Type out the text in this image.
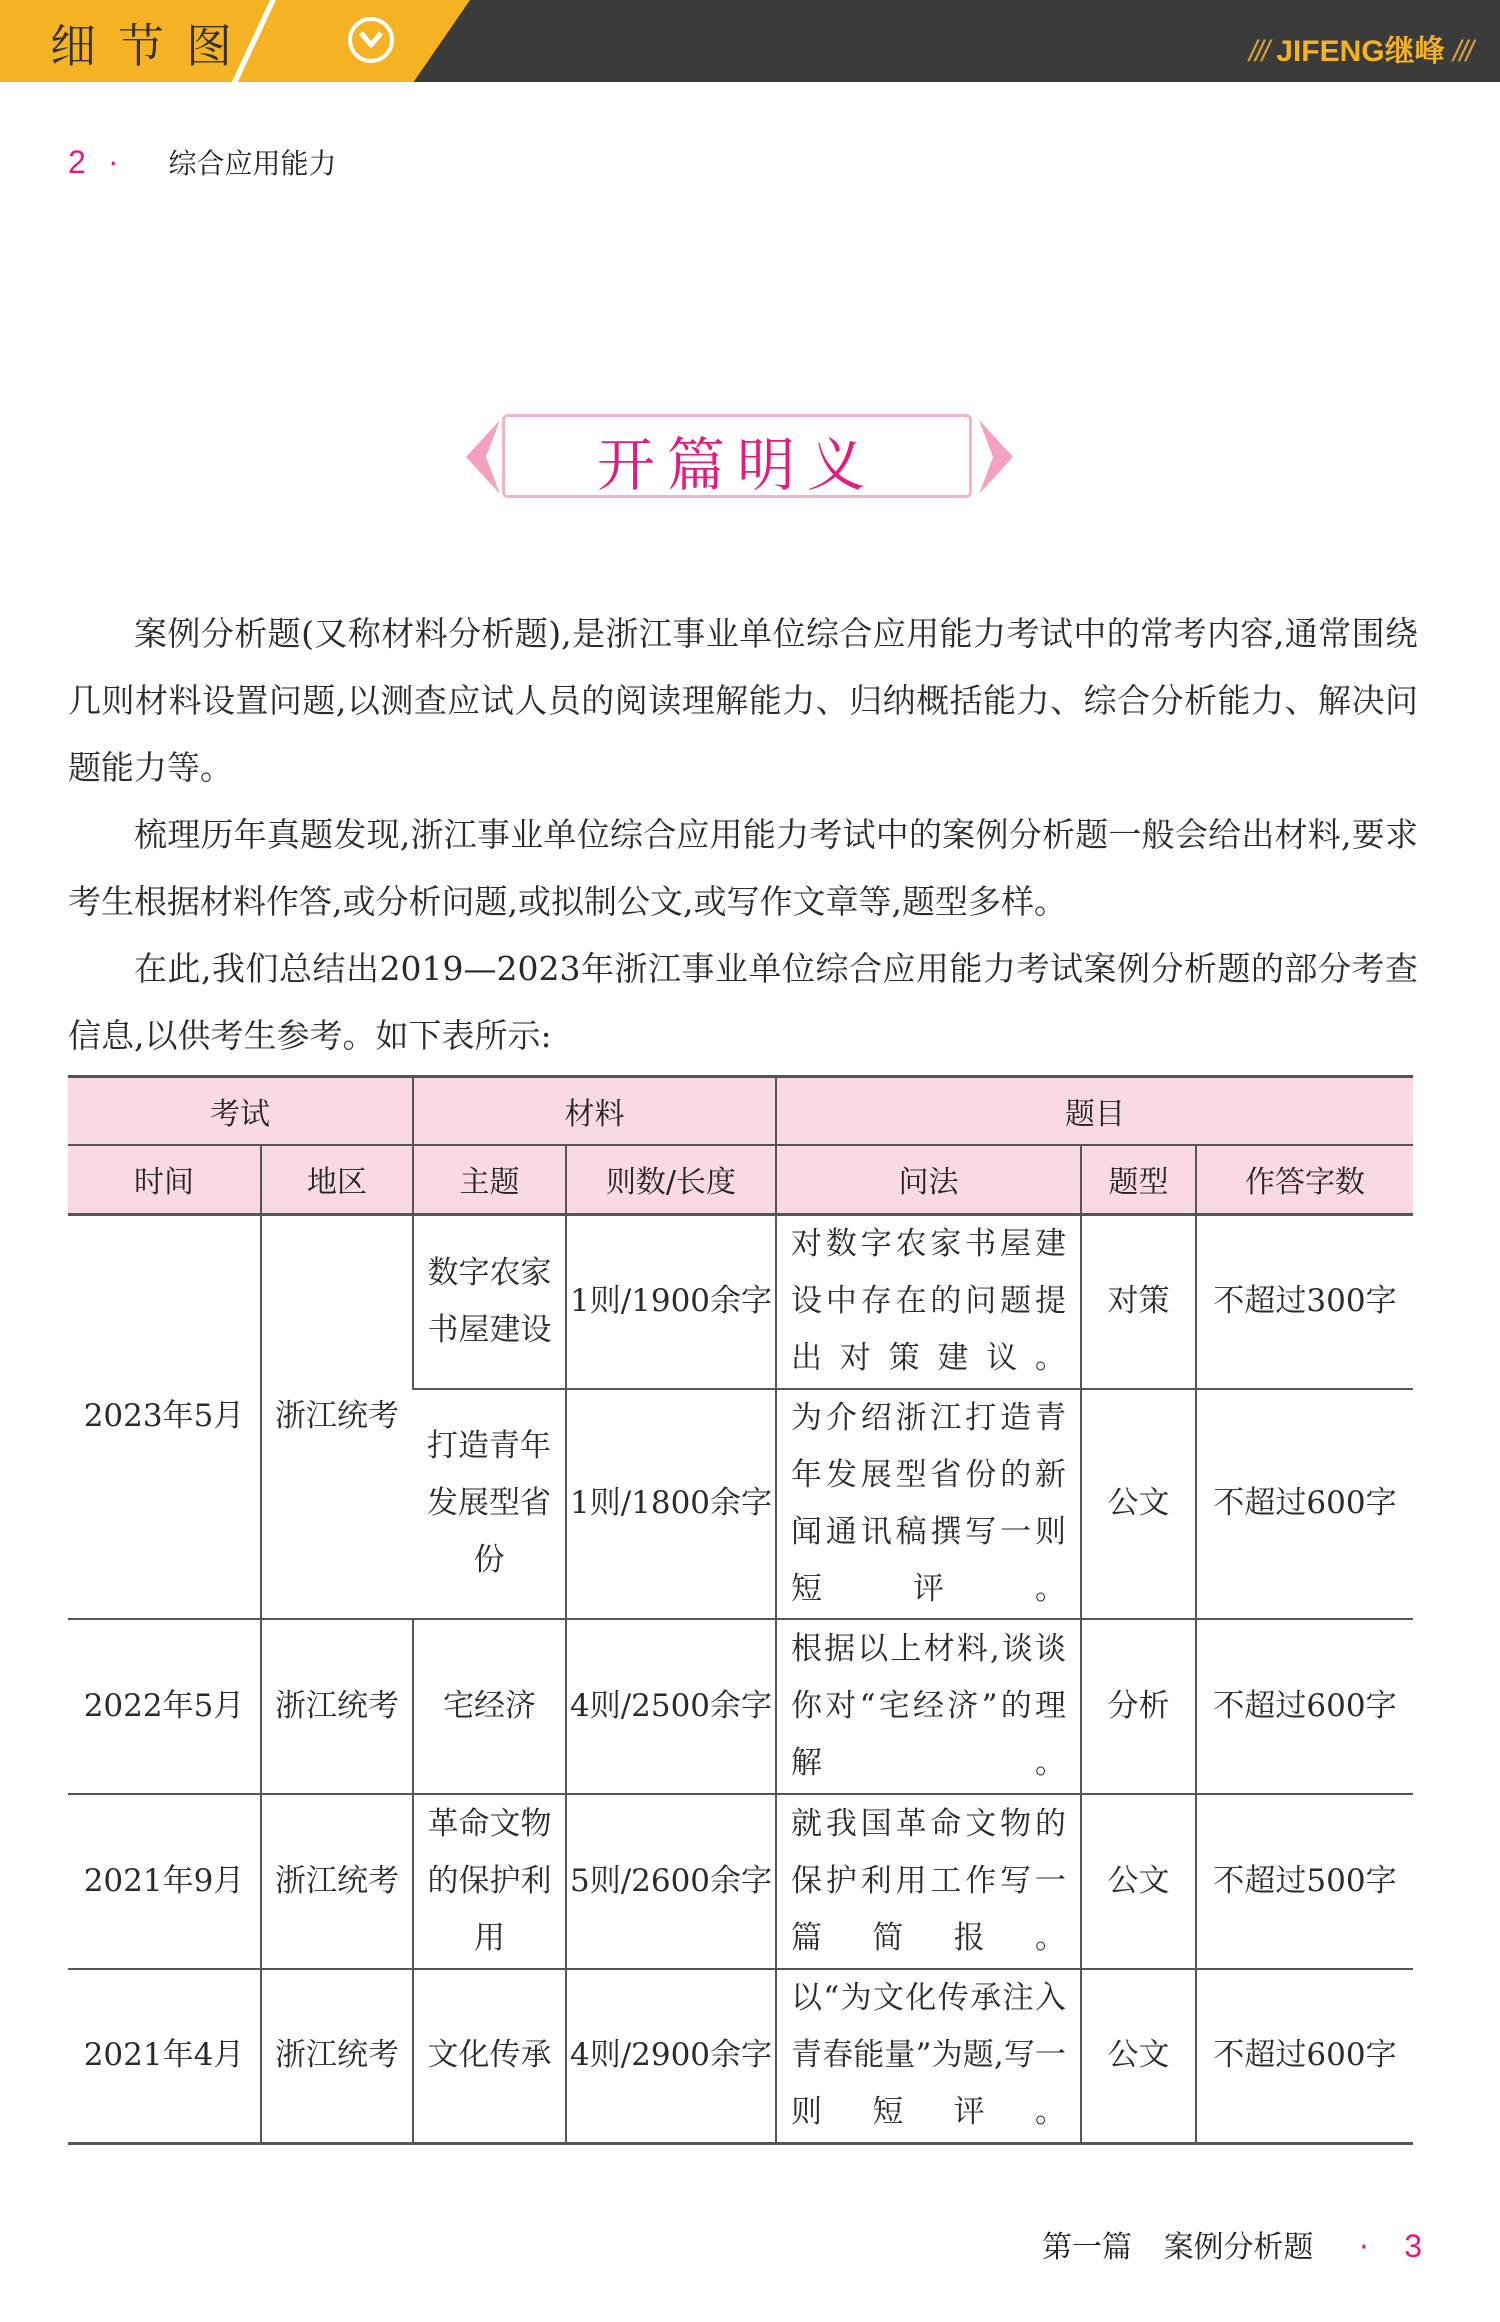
细节图	/// JIFENG继峰 ///
2 · 综合应用能力
开篇明义

案例分析题(又称材料分析题),是浙江事业单位综合应用能力考试中的常考内容,通常围绕几则材料设置问题,以测查应试人员的阅读理解能力、归纳概括能力、综合分析能力、解决问题能力等。

梳理历年真题发现,浙江事业单位综合应用能力考试中的案例分析题一般会给出材料,要求考生根据材料作答,或分析问题,或拟制公文,或写作文章等,题型多样。

在此,我们总结出2019—2023年浙江事业单位综合应用能力考试案例分析题的部分考查信息,以供考生参考。如下表所示:

考试		材料		题目		
时间	地区	主题	则数/长度	问法	题型	作答字数
2023年5月	浙江统考	数字农家书屋建设	1则/1900余字	对数字农家书屋建设中存在的问题提出对策建议。	对策	不超过300字
		打造青年发展型省份	1则/1800余字	为介绍浙江打造青年发展型省份的新闻通讯稿撰写一则短评。	公文	不超过600字
2022年5月	浙江统考	宅经济	4则/2500余字	根据以上材料,谈谈你对“宅经济”的理解。	分析	不超过600字
2021年9月	浙江统考	革命文物的保护利用	5则/2600余字	就我国革命文物的保护利用工作写一篇简报。	公文	不超过500字
2021年4月	浙江统考	文化传承	4则/2900余字	以“为文化传承注入青春能量”为题,写一则短评。	公文	不超过600字
第一篇 案例分析题 · 3
